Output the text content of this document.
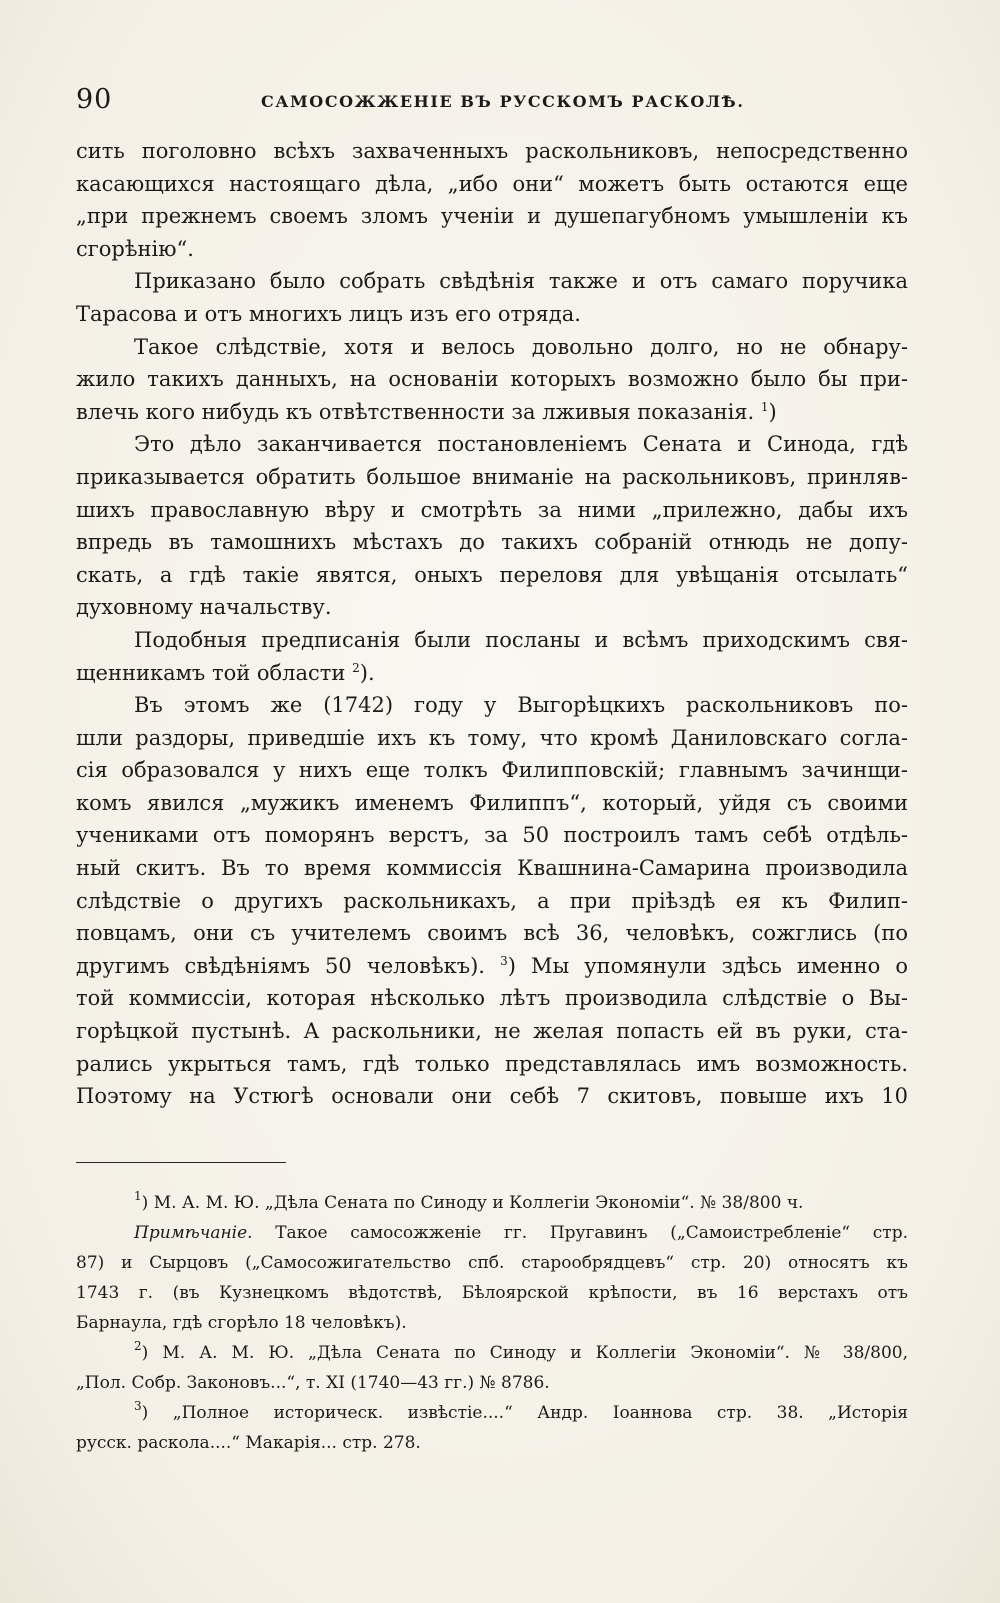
90	САМОСОЖЖЕНІЕ ВЪ РУССКОМЪ РАСКОЛѢ.
сить поголовно всѣхъ захваченныхъ раскольниковъ, непосредственно
касающихся настоящаго дѣла, „ибо они“ можетъ быть остаются еще
„при прежнемъ своемъ зломъ ученіи и душепагубномъ умышленіи къ
сгорѣнію“.
Приказано было собрать свѣдѣнія также и отъ самаго поручика
Тарасова и отъ многихъ лицъ изъ его отряда.
Такое слѣдствіе, хотя и велось довольно долго, но не обнару-
жило такихъ данныхъ, на основаніи которыхъ возможно было бы при-
влечь кого нибудь къ отвѣтственности за лживыя показанія. $^1$)
Это дѣло заканчивается постановленіемъ Сената и Синода, гдѣ
приказывается обратить большое вниманіе на раскольниковъ, принляв-
шихъ православную вѣру и смотрѣть за ними „прилежно, дабы ихъ
впредь въ тамошнихъ мѣстахъ до такихъ собраній отнюдь не допу-
скать, а гдѣ такіе явятся, оныхъ переловя для увѣщанія отсылать“
духовному начальству.
Подобныя предписанія были посланы и всѣмъ приходскимъ свя-
щенникамъ той области $^2$).
Въ этомъ же (1742) году у Выгорѣцкихъ раскольниковъ по-
шли раздоры, приведшіе ихъ къ тому, что кромѣ Даниловскаго согла-
сія образовался у нихъ еще толкъ Филипповскій; главнымъ зачинщи-
комъ явился „мужикъ именемъ Филиппъ“, который, уйдя съ своими
учениками отъ поморянъ верстъ, за 50 построилъ тамъ себѣ отдѣль-
ный скитъ. Въ то время коммиссія Квашнина-Самарина производила
слѣдствіе о другихъ раскольникахъ, а при пріѣздѣ ея къ Филип-
повцамъ, они съ учителемъ своимъ всѣ 36, человѣкъ, сожглись (по
другимъ свѣдѣніямъ 50 человѣкъ). $^3$) Мы упомянули здѣсь именно о
той коммиссіи, которая нѣсколько лѣтъ производила слѣдствіе о Вы-
горѣцкой пустынѣ. А раскольники, не желая попасть ей въ руки, ста-
рались укрыться тамъ, гдѣ только представлялась имъ возможность.
Поэтому на Устюгѣ основали они себѣ 7 скитовъ, повыше ихъ 10
$^1$) М. А. М. Ю. „Дѣла Сената по Синоду и Коллегіи Экономіи“. № 38/800 ч.
Примѣчаніе. Такое самосожженіе гг. Пругавинъ („Самоистребленіе“ стр.
87) и Сырцовъ („Самосожигательство спб. старообрядцевъ“ стр. 20) относятъ къ
1743 г. (въ Кузнецкомъ вѣдотствѣ, Бѣлоярской крѣпости, въ 16 верстахъ отъ
Барнаула, гдѣ сгорѣло 18 человѣкъ).
$^2$) М. А. М. Ю. „Дѣла Сената по Синоду и Коллегіи Экономіи“. № 38/800,
„Пол. Собр. Законовъ...“, т. XI (1740—43 гг.) № 8786.
$^3$) „Полное историческ. извѣстіе....“ Андр. Іоаннова стр. 38. „Исторія
русск. раскола....“ Макарія... стр. 278.
